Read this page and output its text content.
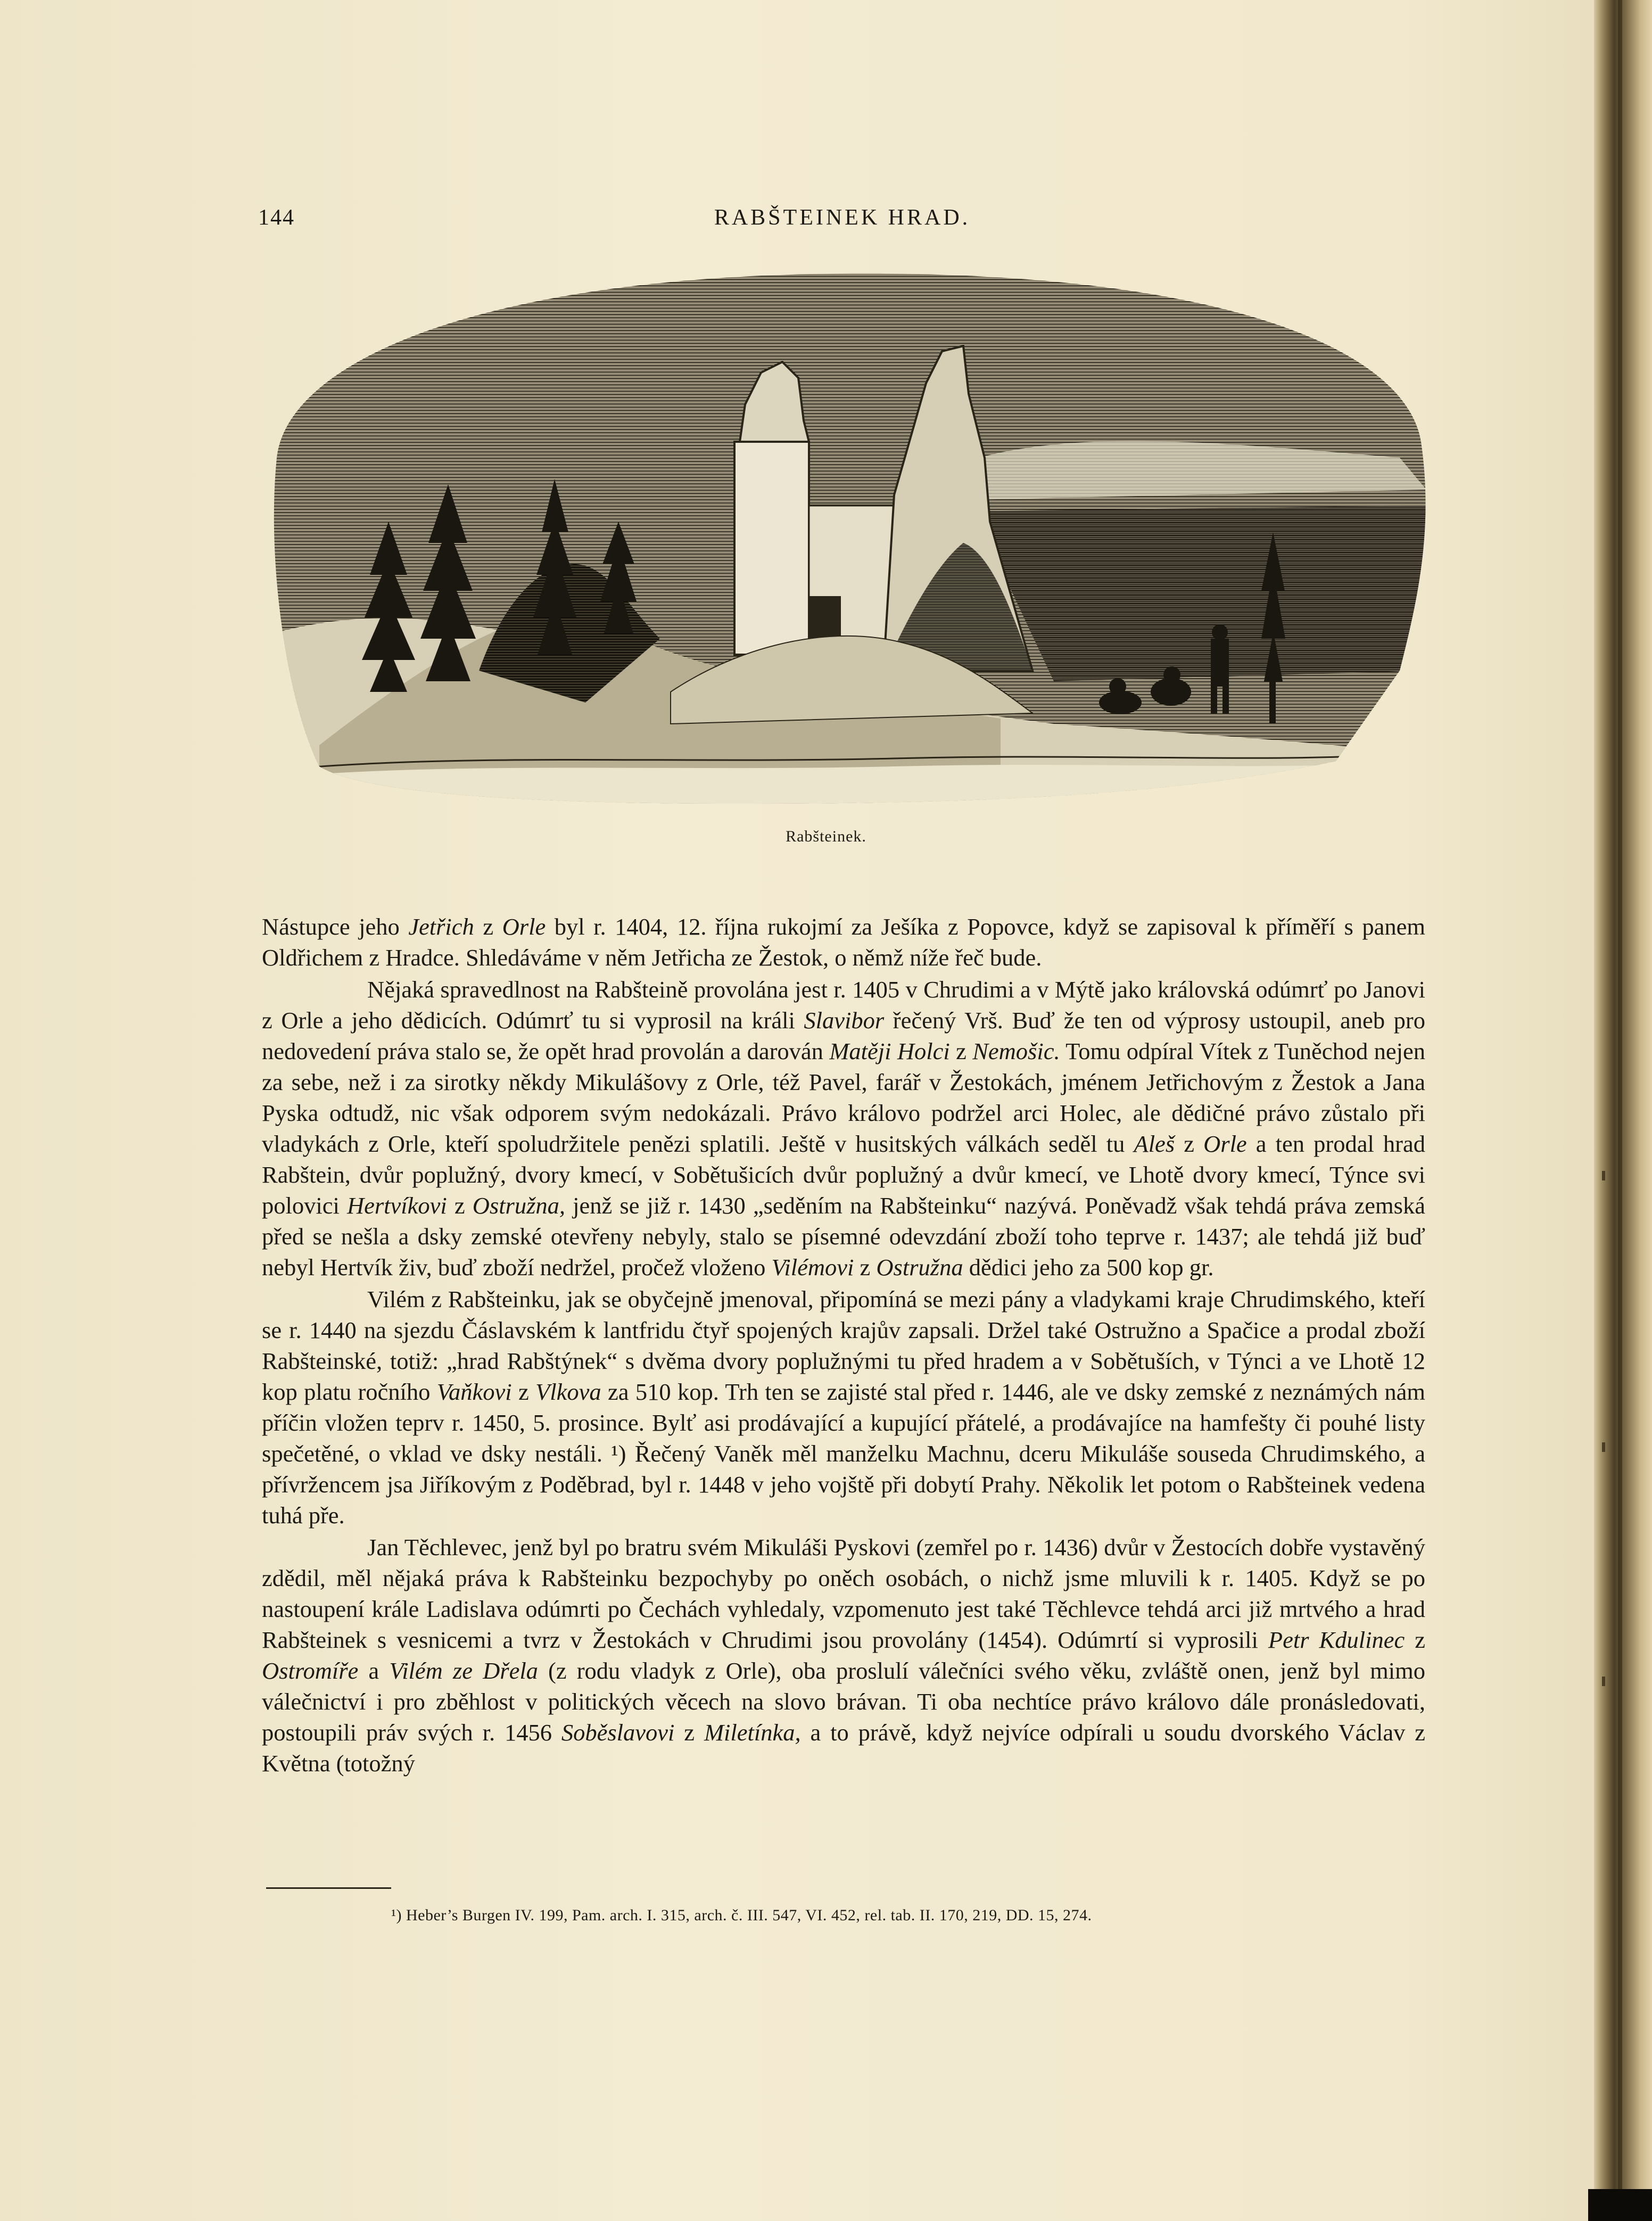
144	RABŠTEINEK HRAD.
Rabšteinek.

Nástupce jeho Jetřich z Orle byl r. 1404, 12. října rukojmí za Ješíka z Popovce, když se zapisoval k příměří s panem Oldřichem z Hradce. Shledáváme v něm Jetřicha ze Žestok, o němž níže řeč bude.

Nějaká spravedlnost na Rabšteině provolána jest r. 1405 v Chrudimi a v Mýtě jako královská odúmrť po Janovi z Orle a jeho dědicích. Odúmrť tu si vyprosil na králi Slavibor řečený Vrš. Buď že ten od výprosy ustoupil, aneb pro nedovedení práva stalo se, že opět hrad provolán a darován Matěji Holci z Nemošic. Tomu odpíral Vítek z Tuněchod nejen za sebe, než i za sirotky někdy Mikulášovy z Orle, též Pavel, farář v Žestokách, jménem Jetřichovým z Žestok a Jana Pyska odtudž, nic však odporem svým nedokázali. Právo královo podržel arci Holec, ale dědičné právo zůstalo při vladykách z Orle, kteří spoludržitele penězi splatili. Ještě v husitských válkách seděl tu Aleš z Orle a ten prodal hrad Rabštein, dvůr poplužný, dvory kmecí, v Sobětušicích dvůr poplužný a dvůr kmecí, ve Lhotě dvory kmecí, Týnce svi polovici Hertvíkovi z Ostružna, jenž se již r. 1430 „seděním na Rabšteinku“ nazývá. Poněvadž však tehdá práva zemská před se nešla a dsky zemské otevřeny nebyly, stalo se písemné odevzdání zboží toho teprve r. 1437; ale tehdá již buď nebyl Hertvík živ, buď zboží nedržel, pročež vloženo Vilémovi z Ostružna dědici jeho za 500 kop gr.

Vilém z Rabšteinku, jak se obyčejně jmenoval, připomíná se mezi pány a vladykami kraje Chrudimského, kteří se r. 1440 na sjezdu Čáslavském k lantfridu čtyř spojených krajův zapsali. Držel také Ostružno a Spačice a prodal zboží Rabšteinské, totiž: „hrad Rabštýnek“ s dvěma dvory poplužnými tu před hradem a v Sobětuších, v Týnci a ve Lhotě 12 kop platu ročního Vaňkovi z Vlkova za 510 kop. Trh ten se zajisté stal před r. 1446, ale ve dsky zemské z neznámých nám příčin vložen teprv r. 1450, 5. prosince. Bylť asi prodávající a kupující přátelé, a prodávajíce na hamfešty či pouhé listy spečetěné, o vklad ve dsky nestáli. ¹) Řečený Vaněk měl manželku Machnu, dceru Mikuláše souseda Chrudimského, a přívržencem jsa Jiříkovým z Poděbrad, byl r. 1448 v jeho vojště při dobytí Prahy. Několik let potom o Rabšteinek vedena tuhá pře.

Jan Těchlevec, jenž byl po bratru svém Mikuláši Pyskovi (zemřel po r. 1436) dvůr v Žestocích dobře vystavěný zdědil, měl nějaká práva k Rabšteinku bezpochyby po oněch osobách, o nichž jsme mluvili k r. 1405. Když se po nastoupení krále Ladislava odúmrti po Čechách vyhledaly, vzpomenuto jest také Těchlevce tehdá arci již mrtvého a hrad Rabšteinek s vesnicemi a tvrz v Žestokách v Chrudimi jsou provolány (1454). Odúmrtí si vyprosili Petr Kdulinec z Ostromíře a Vilém ze Dřela (z rodu vladyk z Orle), oba proslulí válečníci svého věku, zvláště onen, jenž byl mimo válečnictví i pro zběhlost v politických věcech na slovo brávan. Ti oba nechtíce právo královo dále pronásledovati, postoupili práv svých r. 1456 Soběslavovi z Miletínka, a to právě, když nejvíce odpírali u soudu dvorského Václav z Května (totožný

¹) Heber’s Burgen IV. 199, Pam. arch. I. 315, arch. č. III. 547, VI. 452, rel. tab. II. 170, 219, DD. 15, 274.
